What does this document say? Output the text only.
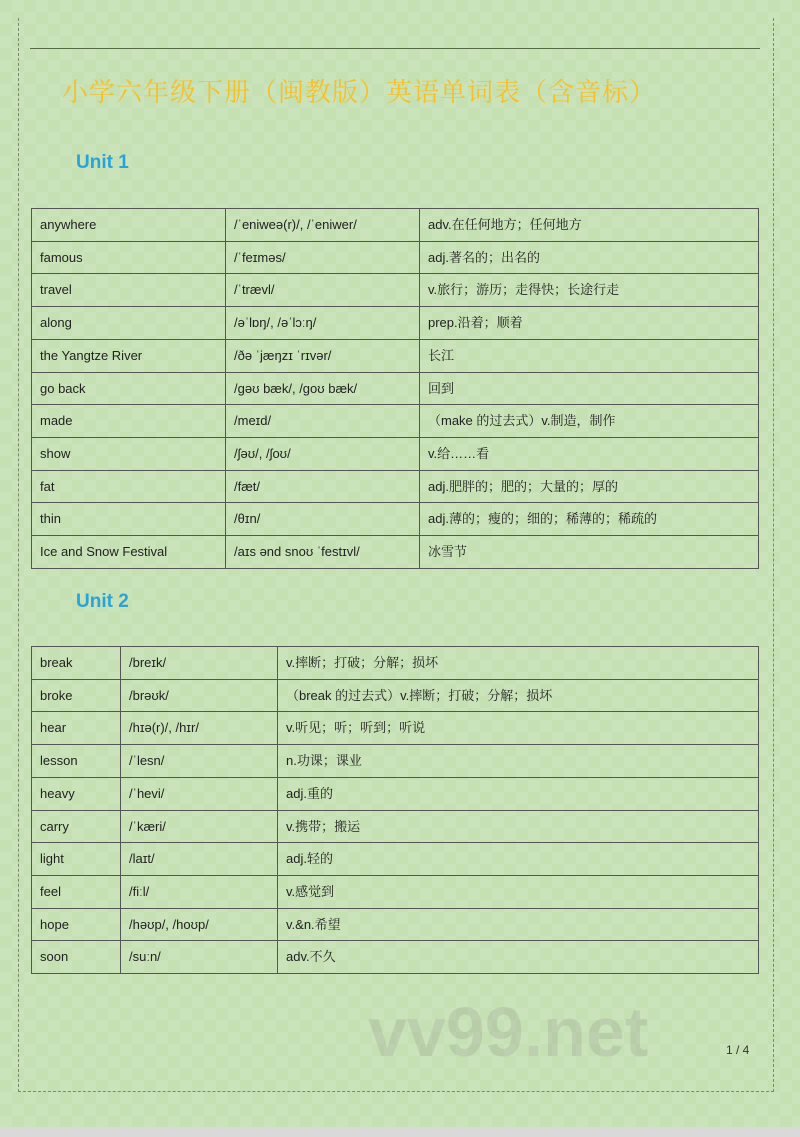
小学六年级下册（闽教版）英语单词表（含音标）
Unit 1
anywhere	/ˈeniweə(r)/, /ˈeniwer/	adv.在任何地方；任何地方
famous	/ˈfeɪməs/	adj.著名的；出名的
travel	/ˈtrævl/	v.旅行；游历；走得快；长途行走
along	/əˈlɒŋ/, /əˈlɔːŋ/	prep.沿着；顺着
the Yangtze River	/ðə ˈjæŋzɪ ˈrɪvər/	长江
go back	/ɡəʊ bæk/, /ɡoʊ bæk/	回到
made	/meɪd/	（make 的过去式）v.制造，制作
show	/ʃəʊ/, /ʃoʊ/	v.给……看
fat	/fæt/	adj.肥胖的；肥的；大量的；厚的
thin	/θɪn/	adj.薄的；瘦的；细的；稀薄的；稀疏的
Ice and Snow Festival	/aɪs ənd snoʊ ˈfestɪvl/	冰雪节
Unit 2
break	/breɪk/	v.摔断；打破；分解；损坏
broke	/brəʊk/	（break 的过去式）v.摔断；打破；分解；损坏
hear	/hɪə(r)/, /hɪr/	v.听见；听；听到；听说
lesson	/ˈlesn/	n.功课；课业
heavy	/ˈhevi/	adj.重的
carry	/ˈkæri/	v.携带；搬运
light	/laɪt/	adj.轻的
feel	/fiːl/	v.感觉到
hope	/həʊp/, /hoʊp/	v.&n.希望
soon	/suːn/	adv.不久
vv99.net	1 / 4
